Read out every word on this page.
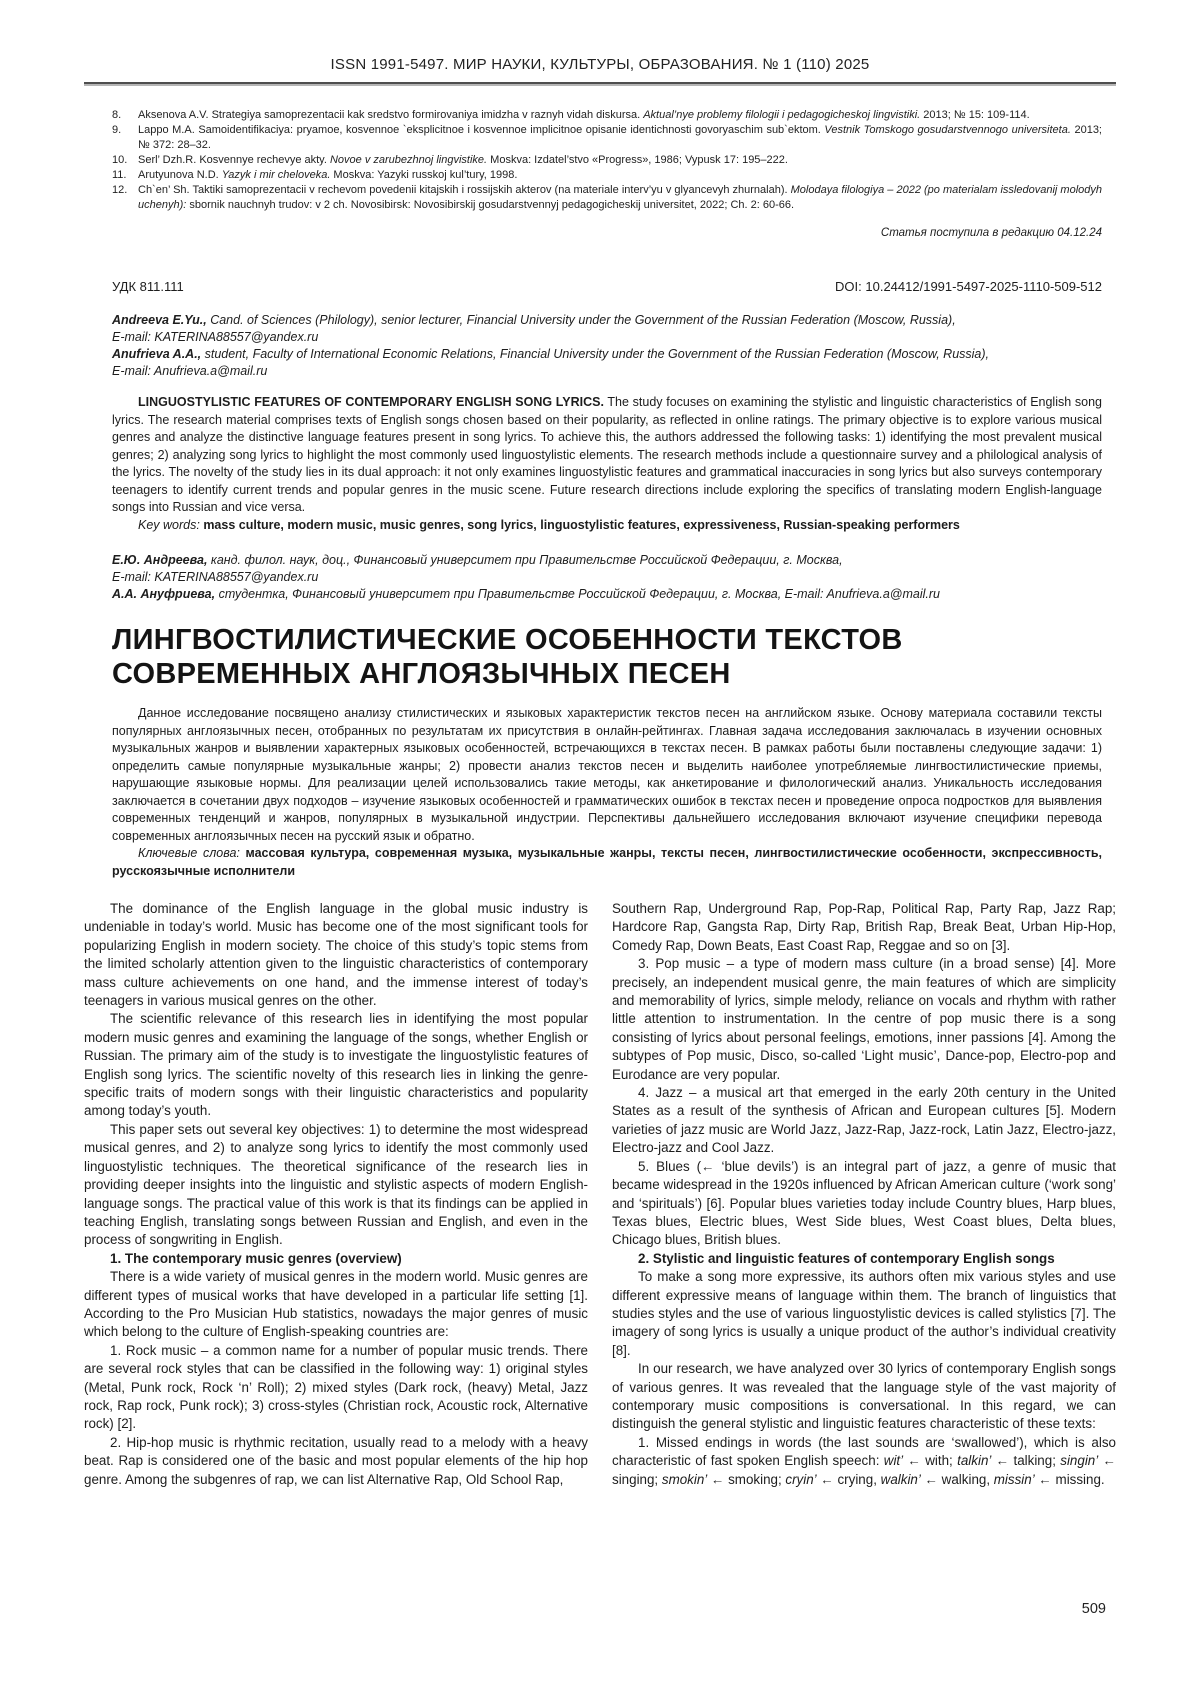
ISSN 1991-5497. МИР НАУКИ, КУЛЬТУРЫ, ОБРАЗОВАНИЯ. № 1 (110) 2025

8. Aksenova A.V. Strategiya samoprezentacii kak sredstvo formirovaniya imidzha v raznyh vidah diskursa. Aktual’nye problemy filologii i pedagogicheskoj lingvistiki. 2013; № 15: 109-114.
9. Lappo M.A. Samoidentifikaciya: pryamoe, kosvennoe `eksplicitnoe i kosvennoe implicitnoe opisanie identichnosti govoryaschim sub`ektom. Vestnik Tomskogo gosudarstvennogo universiteta. 2013; № 372: 28–32.
10. Serl’ Dzh.R. Kosvennye rechevye akty. Novoe v zarubezhnoj lingvistike. Moskva: Izdatel’stvo «Progress», 1986; Vypusk 17: 195–222.
11. Arutyunova N.D. Yazyk i mir cheloveka. Moskva: Yazyki russkoj kul’tury, 1998.
12. Ch`en’ Sh. Taktiki samoprezentacii v rechevom povedenii kitajskih i rossijskih akterov (na materiale interv’yu v glyancevyh zhurnalah). Molodaya filologiya – 2022 (po materialam issledovanij molodyh uchenyh): sbornik nauchnyh trudov: v 2 ch. Novosibirsk: Novosibirskij gosudarstvennyj pedagogicheskij universitet, 2022; Ch. 2: 60-66.

Статья поступила в редакцию 04.12.24

УДК 811.111	DOI: 10.24412/1991-5497-2025-1110-509-512

Andreeva E.Yu., Cand. of Sciences (Philology), senior lecturer, Financial University under the Government of the Russian Federation (Moscow, Russia),

E-mail: KATERINA88557@yandex.ru

Anufrieva A.A., student, Faculty of International Economic Relations, Financial University under the Government of the Russian Federation (Moscow, Russia),

E-mail: Anufrieva.a@mail.ru

LINGUOSTYLISTIC FEATURES OF CONTEMPORARY ENGLISH SONG LYRICS. The study focuses on examining the stylistic and linguistic characteristics of English song lyrics. The research material comprises texts of English songs chosen based on their popularity, as reflected in online ratings. The primary objective is to explore various musical genres and analyze the distinctive language features present in song lyrics. To achieve this, the authors addressed the following tasks: 1) identifying the most prevalent musical genres; 2) analyzing song lyrics to highlight the most commonly used linguostylistic elements. The research methods include a questionnaire survey and a philological analysis of the lyrics. The novelty of the study lies in its dual approach: it not only examines linguostylistic features and grammatical inaccuracies in song lyrics but also surveys contemporary teenagers to identify current trends and popular genres in the music scene. Future research directions include exploring the specifics of translating modern English-language songs into Russian and vice versa.

Key words: mass culture, modern music, music genres, song lyrics, linguostylistic features, expressiveness, Russian-speaking performers

Е.Ю. Андреева, канд. филол. наук, доц., Финансовый университет при Правительстве Российской Федерации, г. Москва,

E-mail: KATERINA88557@yandex.ru

А.А. Ануфриева, студентка, Финансовый университет при Правительстве Российской Федерации, г. Москва, E-mail: Anufrieva.a@mail.ru

ЛИНГВОСТИЛИСТИЧЕСКИЕ ОСОБЕННОСТИ ТЕКСТОВ

СОВРЕМЕННЫХ АНГЛОЯЗЫЧНЫХ ПЕСЕН

Данное исследование посвящено анализу стилистических и языковых характеристик текстов песен на английском языке. Основу материала составили тексты популярных англоязычных песен, отобранных по результатам их присутствия в онлайн-рейтингах. Главная задача исследования заключалась в изучении основных музыкальных жанров и выявлении характерных языковых особенностей, встречающихся в текстах песен. В рамках работы были поставлены следующие задачи: 1) определить самые популярные музыкальные жанры; 2) провести анализ текстов песен и выделить наиболее употребляемые лингвостилистические приемы, нарушающие языковые нормы. Для реализации целей использовались такие методы, как анкетирование и филологический анализ. Уникальность исследования заключается в сочетании двух подходов – изучение языковых особенностей и грамматических ошибок в текстах песен и проведение опроса подростков для выявления современных тенденций и жанров, популярных в музыкальной индустрии. Перспективы дальнейшего исследования включают изучение специфики перевода современных англоязычных песен на русский язык и обратно.

Ключевые слова: массовая культура, современная музыка, музыкальные жанры, тексты песен, лингвостилистические особенности, экспрессивность, русскоязычные исполнители

The dominance of the English language in the global music industry is undeniable in today’s world. Music has become one of the most significant tools for popularizing English in modern society. The choice of this study’s topic stems from the limited scholarly attention given to the linguistic characteristics of contemporary mass culture achievements on one hand, and the immense interest of today’s teenagers in various musical genres on the other.

The scientific relevance of this research lies in identifying the most popular modern music genres and examining the language of the songs, whether English or Russian. The primary aim of the study is to investigate the linguostylistic features of English song lyrics. The scientific novelty of this research lies in linking the genre-specific traits of modern songs with their linguistic characteristics and popularity among today’s youth.

This paper sets out several key objectives: 1) to determine the most widespread musical genres, and 2) to analyze song lyrics to identify the most commonly used linguostylistic techniques. The theoretical significance of the research lies in providing deeper insights into the linguistic and stylistic aspects of modern English-language songs. The practical value of this work is that its findings can be applied in teaching English, translating songs between Russian and English, and even in the process of songwriting in English.

1. The contemporary music genres (overview)

There is a wide variety of musical genres in the modern world. Music genres are different types of musical works that have developed in a particular life setting [1]. According to the Pro Musician Hub statistics, nowadays the major genres of music which belong to the culture of English-speaking countries are:

1. Rock music – a common name for a number of popular music trends. There are several rock styles that can be classified in the following way: 1) original styles (Metal, Punk rock, Rock ‘n’ Roll); 2) mixed styles (Dark rock, (heavy) Metal, Jazz rock, Rap rock, Punk rock); 3) cross-styles (Christian rock, Acoustic rock, Alternative rock) [2].

2. Hip-hop music is rhythmic recitation, usually read to a melody with a heavy beat. Rap is considered one of the basic and most popular elements of the hip hop genre. Among the subgenres of rap, we can list Alternative Rap, Old School Rap,

Southern Rap, Underground Rap, Pop-Rap, Political Rap, Party Rap, Jazz Rap; Hardcore Rap, Gangsta Rap, Dirty Rap, British Rap, Break Beat, Urban Hip-Hop, Comedy Rap, Down Beats, East Coast Rap, Reggae and so on [3].

3. Pop music – a type of modern mass culture (in a broad sense) [4]. More precisely, an independent musical genre, the main features of which are simplicity and memorability of lyrics, simple melody, reliance on vocals and rhythm with rather little attention to instrumentation. In the centre of pop music there is a song consisting of lyrics about personal feelings, emotions, inner passions [4]. Among the subtypes of Pop music, Disco, so-called ‘Light music’, Dance-pop, Electro-pop and Eurodance are very popular.

4. Jazz – a musical art that emerged in the early 20th century in the United States as a result of the synthesis of African and European cultures [5]. Modern varieties of jazz music are World Jazz, Jazz-Rap, Jazz-rock, Latin Jazz, Electro-jazz, Electro-jazz and Cool Jazz.

5. Blues (← ‘blue devils’) is an integral part of jazz, a genre of music that became widespread in the 1920s influenced by African American culture (‘work song’ and ‘spirituals’) [6]. Popular blues varieties today include Country blues, Harp blues, Texas blues, Electric blues, West Side blues, West Coast blues, Delta blues, Chicago blues, British blues.

2. Stylistic and linguistic features of contemporary English songs

To make a song more expressive, its authors often mix various styles and use different expressive means of language within them. The branch of linguistics that studies styles and the use of various linguostylistic devices is called stylistics [7]. The imagery of song lyrics is usually a unique product of the author’s individual creativity [8].

In our research, we have analyzed over 30 lyrics of contemporary English songs of various genres. It was revealed that the language style of the vast majority of contemporary music compositions is conversational. In this regard, we can distinguish the general stylistic and linguistic features characteristic of these texts:

1. Missed endings in words (the last sounds are ‘swallowed’), which is also characteristic of fast spoken English speech: wit’ ← with; talkin’ ← talking; singin’ ← singing; smokin’ ← smoking; cryin’ ← crying, walkin’ ← walking, missin’ ← missing.

509
